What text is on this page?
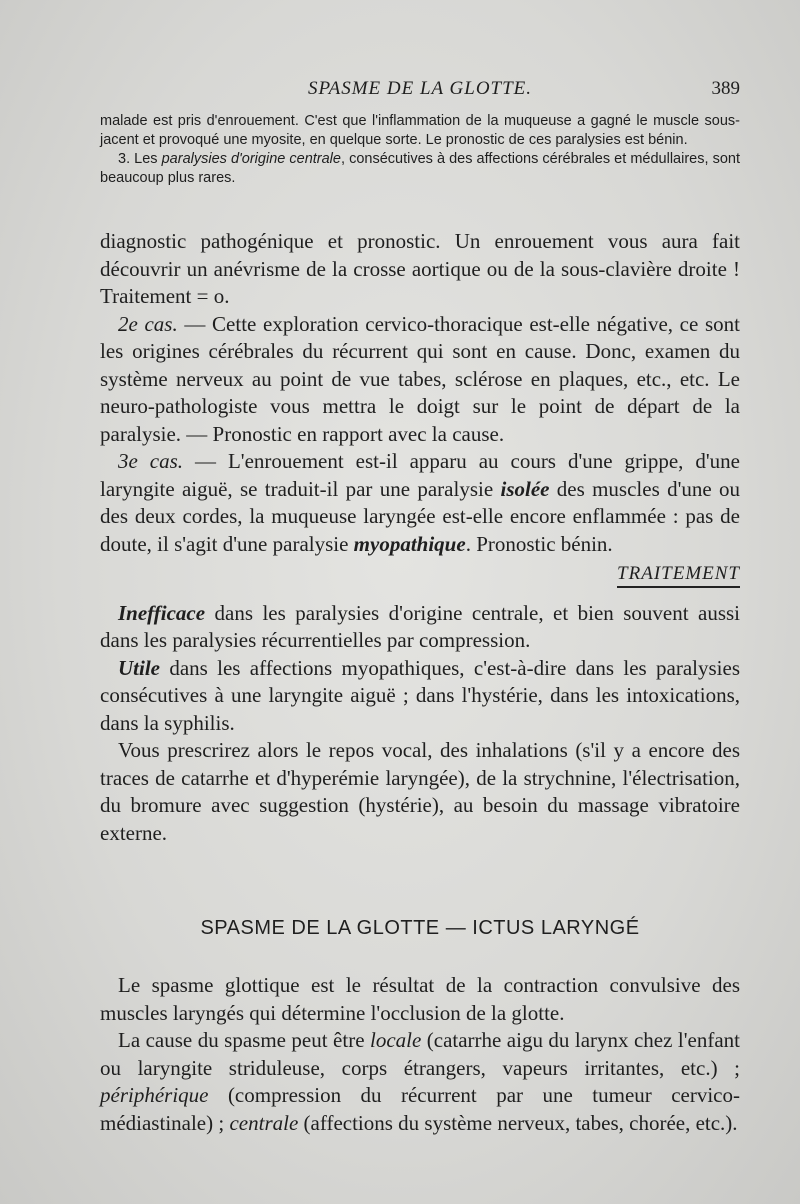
SPASME DE LA GLOTTE.	389

malade est pris d'enrouement. C'est que l'inflammation de la muqueuse a gagné le muscle sous-jacent et provoqué une myosite, en quelque sorte. Le pronostic de ces paralysies est bénin.

3. Les paralysies d'origine centrale, consécutives à des affections cérébrales et médullaires, sont beaucoup plus rares.

diagnostic pathogénique et pronostic. Un enrouement vous aura fait découvrir un anévrisme de la crosse aortique ou de la sous-clavière droite ! Traitement = o.

2e cas. — Cette exploration cervico-thoracique est-elle négative, ce sont les origines cérébrales du récurrent qui sont en cause. Donc, examen du système nerveux au point de vue tabes, sclérose en plaques, etc., etc. Le neuro-pathologiste vous mettra le doigt sur le point de départ de la paralysie. — Pronostic en rapport avec la cause.

3e cas. — L'enrouement est-il apparu au cours d'une grippe, d'une laryngite aiguë, se traduit-il par une paralysie isolée des muscles d'une ou des deux cordes, la muqueuse laryngée est-elle encore enflammée : pas de doute, il s'agit d'une paralysie myopathique. Pronostic bénin.

TRAITEMENT

Inefficace dans les paralysies d'origine centrale, et bien souvent aussi dans les paralysies récurrentielles par compression.

Utile dans les affections myopathiques, c'est-à-dire dans les paralysies consécutives à une laryngite aiguë ; dans l'hystérie, dans les intoxications, dans la syphilis.

Vous prescrirez alors le repos vocal, des inhalations (s'il y a encore des traces de catarrhe et d'hyperémie laryngée), de la strychnine, l'électrisation, du bromure avec suggestion (hystérie), au besoin du massage vibratoire externe.

SPASME DE LA GLOTTE — ICTUS LARYNGÉ

Le spasme glottique est le résultat de la contraction convulsive des muscles laryngés qui détermine l'occlusion de la glotte.

La cause du spasme peut être locale (catarrhe aigu du larynx chez l'enfant ou laryngite striduleuse, corps étrangers, vapeurs irritantes, etc.) ; périphérique (compression du récurrent par une tumeur cervico-médiastinale) ; centrale (affections du système nerveux, tabes, chorée, etc.).
